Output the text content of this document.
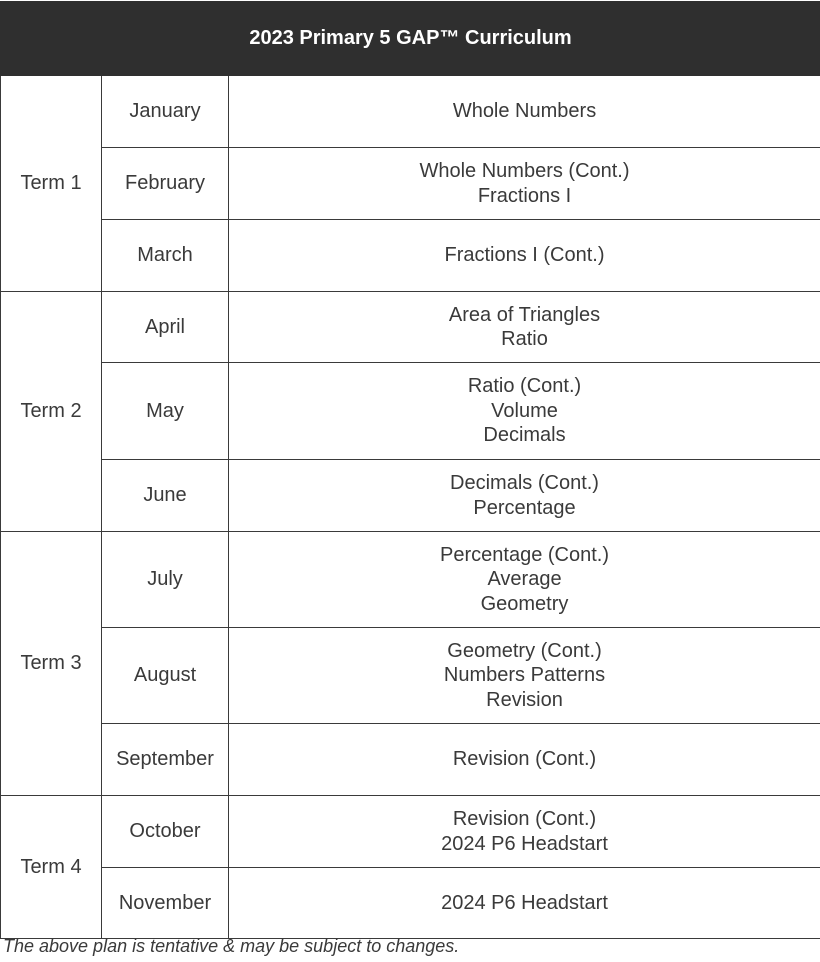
2023 Primary 5 GAP™ Curriculum		
Term 1	January	Whole Numbers

	February	Whole Numbers (Cont.)
Fractions I

	March	Fractions I (Cont.)

Term 2	April	Area of Triangles
Ratio

	May	Ratio (Cont.)
Volume
Decimals

	June	Decimals (Cont.)
Percentage

Term 3	July	Percentage (Cont.)
Average
Geometry

	August	Geometry (Cont.)
Numbers Patterns
Revision

	September	Revision (Cont.)

Term 4	October	Revision (Cont.)
2024 P6 Headstart

	November	2024 P6 Headstart
The above plan is tentative & may be subject to changes.
